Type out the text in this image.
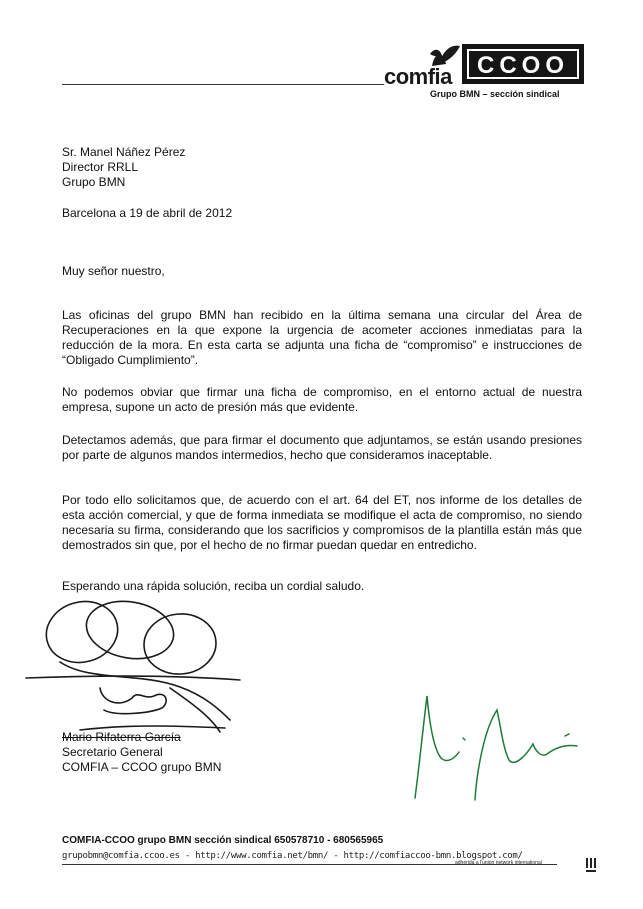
comfia CCOO
Grupo BMN – sección sindical
Sr. Manel Náñez Pérez
Director RRLL
Grupo BMN
Barcelona a 19 de abril de 2012
Muy señor nuestro,
Las oficinas del grupo BMN han recibido en la última semana una circular del Área de Recuperaciones en la que expone la urgencia de acometer acciones inmediatas para la reducción de la mora. En esta carta se adjunta una ficha de “compromiso” e instrucciones de “Obligado Cumplimiento”.
No podemos obviar que firmar una ficha de compromiso, en el entorno actual de nuestra empresa, supone un acto de presión más que evidente.
Detectamos además, que para firmar el documento que adjuntamos, se están usando presiones por parte de algunos mandos intermedios, hecho que consideramos inaceptable.
Por todo ello solicitamos que, de acuerdo con el art. 64 del ET, nos informe de los detalles de esta acción comercial, y que de forma inmediata se modifique el acta de compromiso, no siendo necesaria su firma, considerando que los sacrificios y compromisos de la plantilla están más que demostrados sin que, por el hecho de no firmar puedan quedar en entredicho.
Esperando una rápida solución, reciba un cordial saludo.
Mario Rifaterra García
Secretario General
COMFIA – CCOO grupo BMN
COMFIA-CCOO grupo BMN sección sindical 650578710 - 680565965
grupobmn@comfia.ccoo.es - http://www.comfia.net/bmn/ - http://comfiaccoo-bmn.blogspot.com/
adherida a l'union network international
